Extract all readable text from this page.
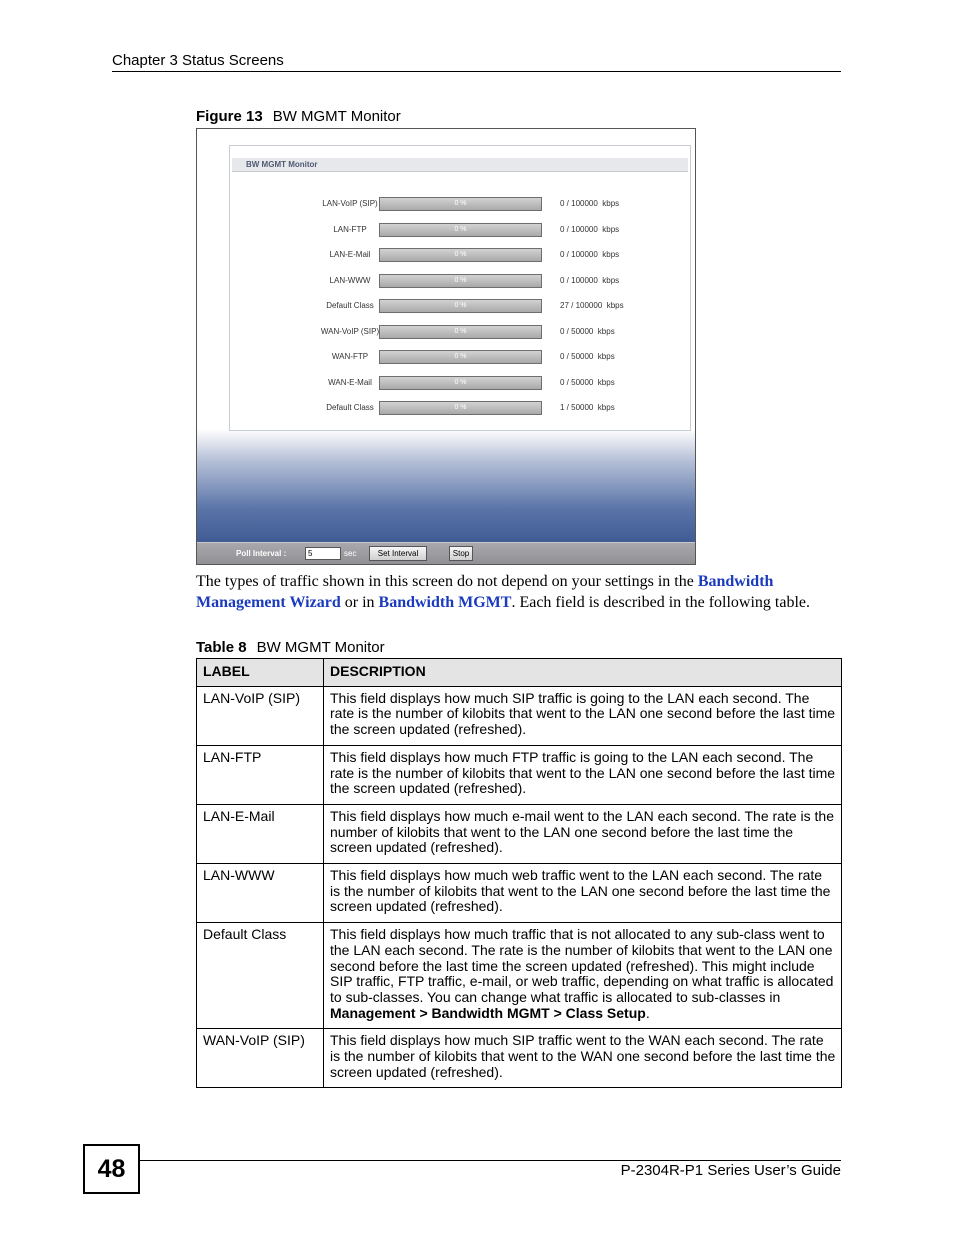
Chapter 3 Status Screens
Figure 13 BW MGMT Monitor
BW MGMT Monitor
LAN-VoIP (SIP)	0 %	0 / 100000  kbps
LAN-FTP	0 %	0 / 100000  kbps
LAN-E-Mail	0 %	0 / 100000  kbps
LAN-WWW	0 %	0 / 100000  kbps
Default Class	0 %	27 / 100000  kbps
WAN-VoIP (SIP)	0 %	0 / 50000  kbps
WAN-FTP	0 %	0 / 50000  kbps
WAN-E-Mail	0 %	0 / 50000  kbps
Default Class	0 %	1 / 50000  kbps
Poll Interval :
5	sec	Set Interval	Stop
The types of traffic shown in this screen do not depend on your settings in the Bandwidth Management Wizard or in Bandwidth MGMT. Each field is described in the following table.
Table 8 BW MGMT Monitor
LABEL	DESCRIPTION
LAN-VoIP (SIP)	This field displays how much SIP traffic is going to the LAN each second. The rate is the number of kilobits that went to the LAN one second before the last time the screen updated (refreshed).
LAN-FTP	This field displays how much FTP traffic is going to the LAN each second. The rate is the number of kilobits that went to the LAN one second before the last time the screen updated (refreshed).
LAN-E-Mail	This field displays how much e-mail went to the LAN each second. The rate is the number of kilobits that went to the LAN one second before the last time the screen updated (refreshed).
LAN-WWW	This field displays how much web traffic went to the LAN each second. The rate is the number of kilobits that went to the LAN one second before the last time the screen updated (refreshed).
Default Class	This field displays how much traffic that is not allocated to any sub-class went to the LAN each second. The rate is the number of kilobits that went to the LAN one second before the last time the screen updated (refreshed). This might include SIP traffic, FTP traffic, e-mail, or web traffic, depending on what traffic is allocated to sub-classes. You can change what traffic is allocated to sub-classes in Management > Bandwidth MGMT > Class Setup.
WAN-VoIP (SIP)	This field displays how much SIP traffic went to the WAN each second. The rate is the number of kilobits that went to the WAN one second before the last time the screen updated (refreshed).
48	P-2304R-P1 Series User’s Guide
